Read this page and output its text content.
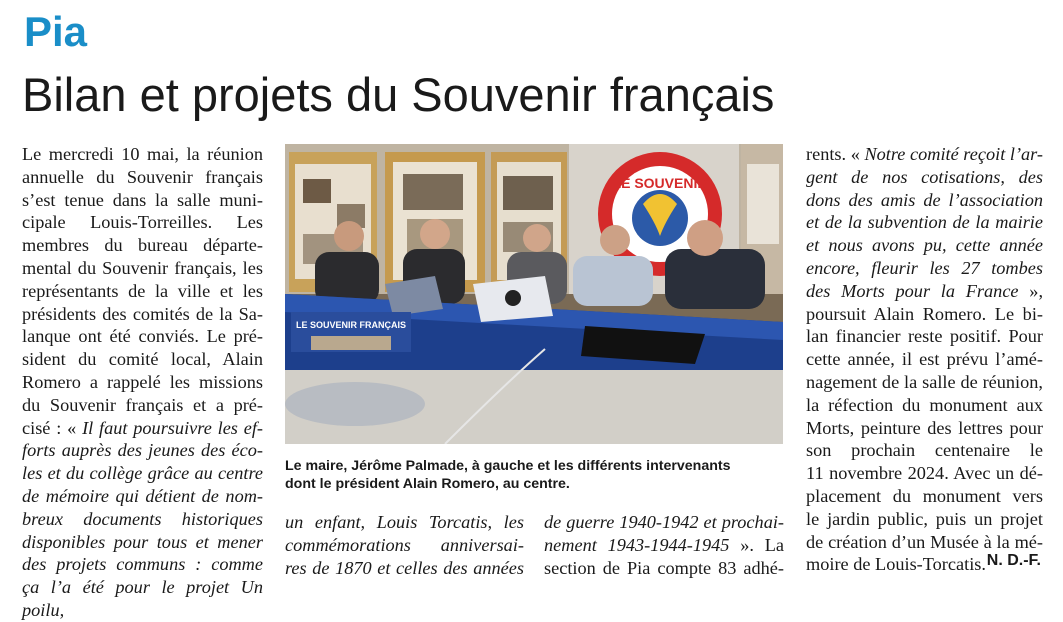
Pia
Bilan et projets du Souvenir français

Le mercredi 10 mai, la réunion

annuelle du Souvenir français

s’est tenue dans la salle muni-

cipale Louis-Torreilles. Les

membres du bureau départe-

mental du Souvenir français, les

représentants de la ville et les

présidents des comités de la Sa-

lanque ont été conviés. Le pré-

sident du comité local, Alain

Romero a rappelé les missions

du Souvenir français et a pré-

cisé : « Il faut poursuivre les ef-

forts auprès des jeunes des éco-

les et du collège grâce au centre

de mémoire qui détient de nom-

breux documents historiques

disponibles pour tous et mener

des projets communs : comme

ça l’a été pour le projet Un poilu,

LE SOUVENIR
LE SOUVENIR FRANÇAIS
Le maire, Jérôme Palmade, à gauche et les différents intervenants
dont le président Alain Romero, au centre.

un enfant, Louis Torcatis, les

commémorations anniversai-

res de 1870 et celles des années

de guerre 1940-1942 et prochai-

nement 1943-1944-1945 ». La

section de Pia compte 83 adhé-

rents. « Notre comité reçoit l’ar-

gent de nos cotisations, des

dons des amis de l’association

et de la subvention de la mairie

et nous avons pu, cette année

encore, fleurir les 27 tombes

des Morts pour la France »,

poursuit Alain Romero. Le bi-

lan financier reste positif. Pour

cette année, il est prévu l’amé-

nagement de la salle de réunion,

la réfection du monument aux

Morts, peinture des lettres pour

son prochain centenaire le

11 novembre 2024. Avec un dé-

placement du monument vers

le jardin public, puis un projet

de création d’un Musée à la mé-

moire de Louis-Torcatis. N. D.-F.
